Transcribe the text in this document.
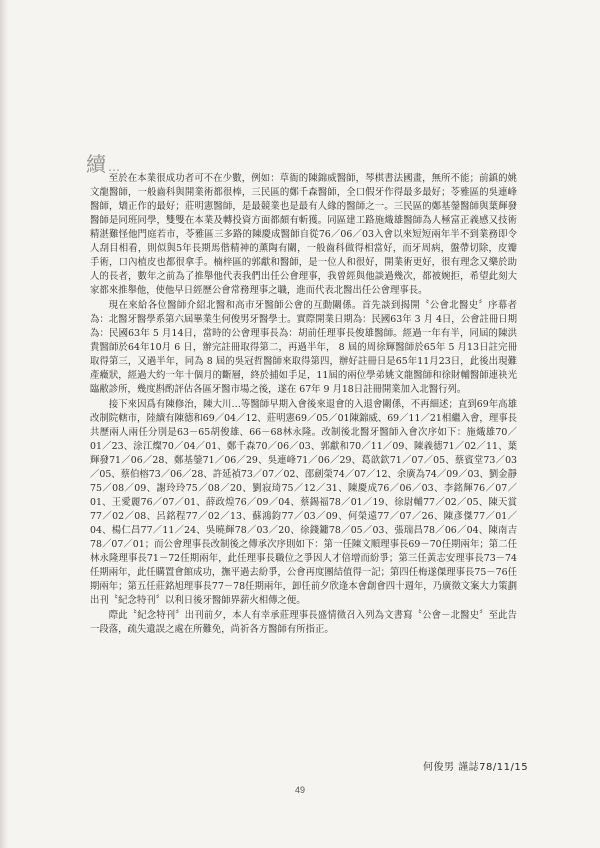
續…

至於在本業很成功者可不在少數，例如：草衙的陳錦威醫師，琴棋書法國畫，無所不能；前鎮的姚文龍醫師，一般齒科與開業術都很棒，三民區的鄭千森醫師，全口假牙作得最多最好；苓雅區的吳連峰醫師，矯正作的最好；莊明憲醫師，是最競業也是最有人緣的醫師之一。三民區的鄭基鎣醫師與葉輝發醫師是同班同學，雙雙在本業及轉投資方面都頗有斬獲。同區建工路施熾雄醫師為人極富正義感又技術精湛難怪他門庭若市，苓雅區三多路的陳慶成醫師自從76／06／03入會以來短短兩年半不到業務即令人刮目相看，則似與5年長期馬偕精神的薰陶有關，一般齒科做得相當好，而牙周病，盤帶切除，皮瓣手術，口內植皮也都很拿手。楠梓區的郭獻和醫師，是一位人和很好，開業術更好，很有理念又樂於助人的長者，數年之前為了推舉他代表我們出任公會理事，我曾經與他談過幾次，都被婉拒，希望此刻大家都來推舉他，使他早日經歷公會常務理事之職，進而代表北醫出任公會理事長。

現在來給各位醫師介紹北醫和高市牙醫師公會的互動關係。首先談到揭開〝公會北醫史〞序幕者為：北醫牙醫學系第六屆畢業生何俊男牙醫學士。實際開業日期為：民國63年 3 月 4日，公會註冊日期為：民國63年 5 月14日，當時的公會理事長為：胡前任理事長俊雄醫師。經過一年有半，同屆的陳洪貴醫師於64年10月 6 日，辦完註冊取得第二，再過半年， 8 屆的周徐輝醫師於65年 5 月13日註完冊取得第三，又過半年，同為 8 屆的吳冠哲醫師來取得第四，辦好註冊日是65年11月23日，此後出現難產癥狀，經過大約一年十個月的斷層，終於捕如手足，11屆的兩位學弟姚文龍醫師和徐財輔醫師連袂光臨敝診所，幾度斟酌評估各區牙醫市場之後，遂在 67年 9 月18日註冊開業加入北醫行列。

接下來因爲有陳修治，陳大川…等醫師早期入會後來退會的入退會關係，不再細述；直到69年高雄改制院轄市，陸續有陳德和69／04／12、莊明憲69／05／01陳錦威、69／11／21相繼入會，理事長共歷兩人兩任分別是63－65胡俊雄、66－68林永隆。改制後北醫牙醫師入會次序如下：施熾雄70／01／23、涂江燦70／04／01、鄭千森70／06／03、郭獻和70／11／09、陳義德71／02／11、葉輝發71／06／28、鄭基鎣71／06／29、吳連峰71／06／29、葛歆欽71／07／05、蔡賓堂73／03／05、蔡伯榕73／06／28、許延禎73／07／02、邵劍榮74／07／12、余廣為74／09／03、劉金靜75／08／09、謝玲玲75／08／20、劉寂琦75／12／31、陳慶成76／06／03、李銘輝76／07／01、王愛麗76／07／01、薛政煌76／09／04、蔡錫福78／01／19、徐尉輔77／02／05、陳天賞77／02／08、呂銘程77／02／13、蘇鴻鈞77／03／09、何榮遠77／07／26、陳彥傑77／01／04、楊仁昌77／11／24、吳曉輝78／03／20、徐錢鏞78／05／03、張瑞昌78／06／04、陳南吉78／07／01；而公會理事長改制後之傳承次序則如下：第一任陳文順理事長69－70任期兩年；第二任林永隆理事長71－72任期兩年，此任理事長職位之爭因人才倍增而紛爭；第三任黃志安理事長73－74任期兩年，此任購置會館成功，撫平過去紛爭，公會再度團結值得一記；第四任梅遂傑理事長75－76任期兩年；第五任莊銘旭理事長77－78任期兩年，卸任前夕欣逢本會創會四十週年，乃廣徵文案大力策劃出刊〝紀念特刊〞以利日後牙醫師界薪火相傳之便。

際此〝紀念特刊〞出刊前夕，本人有幸承莊理事長盛情徵召入列為文書寫〝公會－北醫史〞至此告一段落，疏失遺誤之處在所難免，尚祈各方醫師有所指正。

何俊男 謹誌78/11/15
49
